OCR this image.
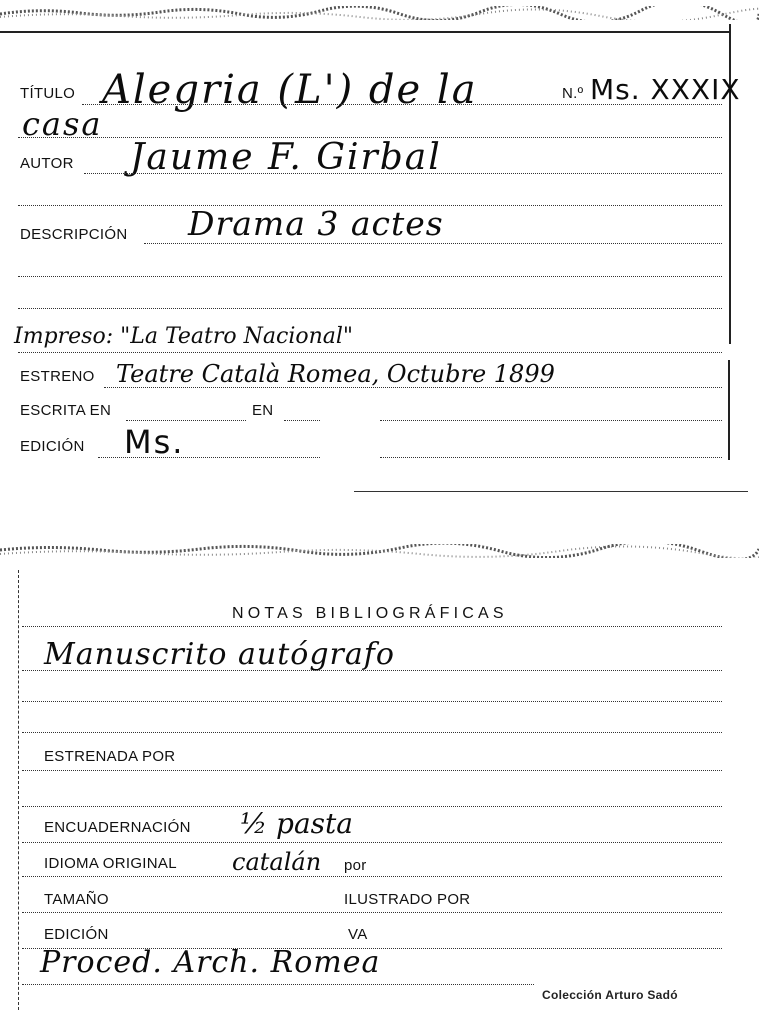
TÍTULO Alegria (L') de la	N.º Ms. XXXIX
casa
AUTOR Jaume F. Girbal
DESCRIPCIÓN Drama 3 actes
Impreso: "La Teatro Nacional"
ESTRENO Teatre Català Romea, Octubre 1899
ESCRITA EN	EN
EDICIÓN Ms.
NOTAS BIBLIOGRÁFICAS
Manuscrito autógrafo
ESTRENADA POR
ENCUADERNACIÓN ½ pasta
IDIOMA ORIGINAL catalán por
TAMAÑO	ILUSTRADO POR
EDICIÓN	VA
Proced. Arch. Romea
Colección Arturo Sadó
